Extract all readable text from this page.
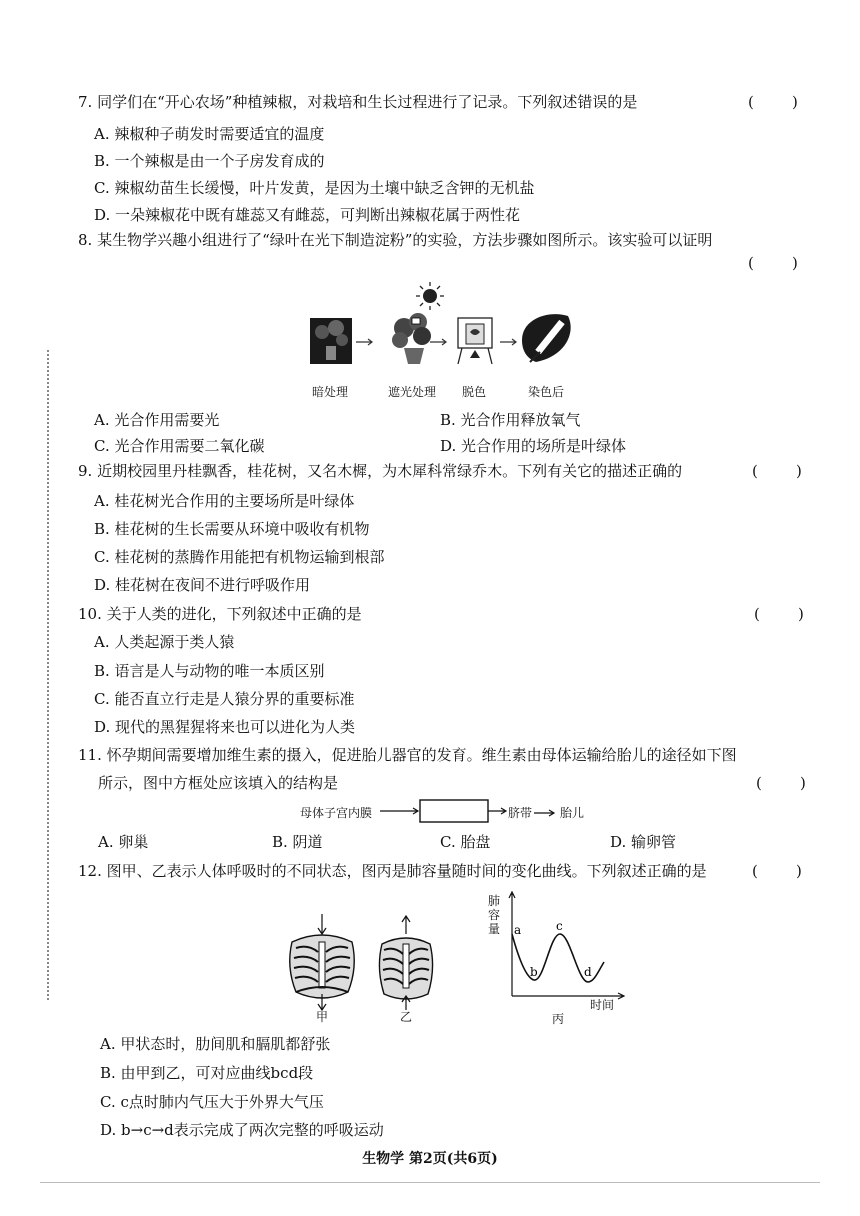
7. 同学们在“开心农场”种植辣椒，对栽培和生长过程进行了记录。下列叙述错误的是	(        )
A. 辣椒种子萌发时需要适宜的温度
B. 一个辣椒是由一个子房发育成的
C. 辣椒幼苗生长缓慢，叶片发黄，是因为土壤中缺乏含钾的无机盐
D. 一朵辣椒花中既有雄蕊又有雌蕊，可判断出辣椒花属于两性花
8. 某生物学兴趣小组进行了“绿叶在光下制造淀粉”的实验，方法步骤如图所示。该实验可以证明
(        )
暗处理	遮光处理 脱色	染色后
A. 光合作用需要光	B. 光合作用释放氧气
C. 光合作用需要二氧化碳	D. 光合作用的场所是叶绿体
9. 近期校园里丹桂飘香，桂花树，又名木樨，为木犀科常绿乔木。下列有关它的描述正确的	(        )
A. 桂花树光合作用的主要场所是叶绿体
B. 桂花树的生长需要从环境中吸收有机物
C. 桂花树的蒸腾作用能把有机物运输到根部
D. 桂花树在夜间不进行呼吸作用
10. 关于人类的进化，下列叙述中正确的是	(        )
A. 人类起源于类人猿
B. 语言是人与动物的唯一本质区别
C. 能否直立行走是人猿分界的重要标准
D. 现代的黑猩猩将来也可以进化为人类
11. 怀孕期间需要增加维生素的摄入，促进胎儿器官的发育。维生素由母体运输给胎儿的途径如下图
所示，图中方框处应该填入的结构是	(        )
母体子宫内膜	脐带 胎儿
A. 卵巢	B. 阴道	C. 胎盘	D. 输卵管
12. 图甲、乙表示人体呼吸时的不同状态，图丙是肺容量随时间的变化曲线。下列叙述正确的是	(        )
甲	乙
a
b
c
d
肺容量
时间
丙
A. 甲状态时，肋间肌和膈肌都舒张
B. 由甲到乙，可对应曲线bcd段
C. c点时肺内气压大于外界大气压
D. b→c→d表示完成了两次完整的呼吸运动
生物学 第2页(共6页)
